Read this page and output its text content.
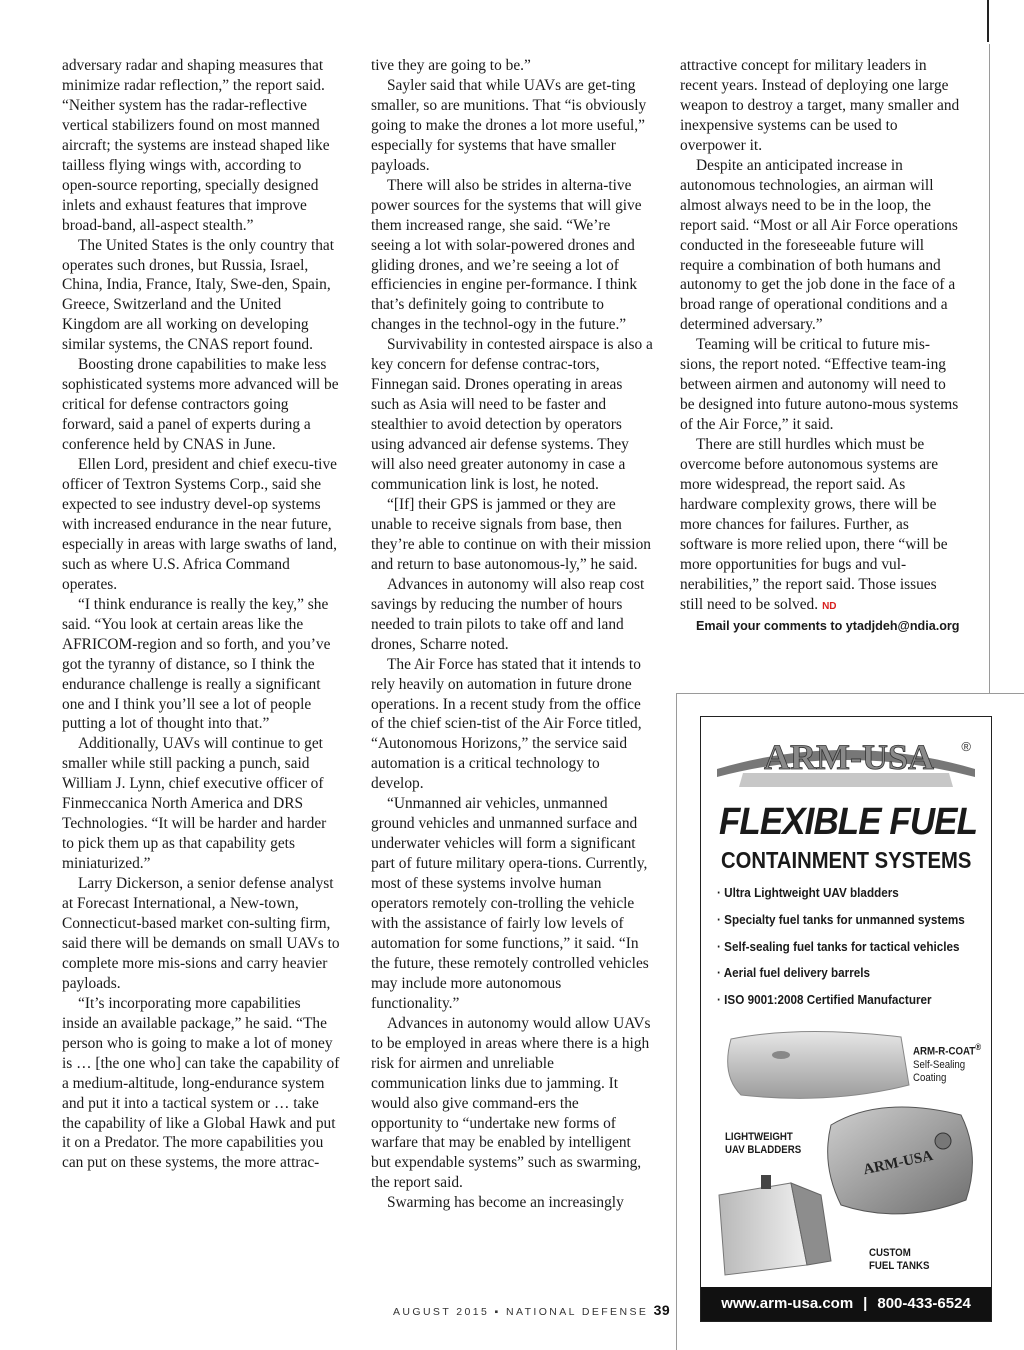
adversary radar and shaping measures that minimize radar reflection,” the report said. “Neither system has the radar-reflective vertical stabilizers found on most manned aircraft; the systems are instead shaped like tailless flying wings with, according to open-source reporting, specially designed inlets and exhaust features that improve broad-band, all-aspect stealth.”

The United States is the only country that operates such drones, but Russia, Israel, China, India, France, Italy, Swe-den, Spain, Greece, Switzerland and the United Kingdom are all working on developing similar systems, the CNAS report found.

Boosting drone capabilities to make less sophisticated systems more advanced will be critical for defense contractors going forward, said a panel of experts during a conference held by CNAS in June.

Ellen Lord, president and chief execu-tive officer of Textron Systems Corp., said she expected to see industry devel-op systems with increased endurance in the near future, especially in areas with large swaths of land, such as where U.S. Africa Command operates.

“I think endurance is really the key,” she said. “You look at certain areas like the AFRICOM-region and so forth, and you’ve got the tyranny of distance, so I think the endurance challenge is really a significant one and I think you’ll see a lot of people putting a lot of thought into that.”

Additionally, UAVs will continue to get smaller while still packing a punch, said William J. Lynn, chief executive officer of Finmeccanica North America and DRS Technologies. “It will be harder and harder to pick them up as that capability gets miniaturized.”

Larry Dickerson, a senior defense analyst at Forecast International, a New-town, Connecticut-based market con-sulting firm, said there will be demands on small UAVs to complete more mis-sions and carry heavier payloads.

“It’s incorporating more capabilities inside an available package,” he said. “The person who is going to make a lot of money is … [the one who] can take the capability of a medium-altitude, long-endurance system and put it into a tactical system or … take the capability of like a Global Hawk and put it on a Predator. The more capabilities you can put on these systems, the more attrac-

tive they are going to be.”

Sayler said that while UAVs are get-ting smaller, so are munitions. That “is obviously going to make the drones a lot more useful,” especially for systems that have smaller payloads.

There will also be strides in alterna-tive power sources for the systems that will give them increased range, she said. “We’re seeing a lot with solar-powered drones and gliding drones, and we’re seeing a lot of efficiencies in engine per-formance. I think that’s definitely going to contribute to changes in the technol-ogy in the future.”

Survivability in contested airspace is also a key concern for defense contrac-tors, Finnegan said. Drones operating in areas such as Asia will need to be faster and stealthier to avoid detection by operators using advanced air defense systems. They will also need greater autonomy in case a communication link is lost, he noted.

“[If] their GPS is jammed or they are unable to receive signals from base, then they’re able to continue on with their mission and return to base autonomous-ly,” he said.

Advances in autonomy will also reap cost savings by reducing the number of hours needed to train pilots to take off and land drones, Scharre noted.

The Air Force has stated that it intends to rely heavily on automation in future drone operations. In a recent study from the office of the chief scien-tist of the Air Force titled, “Autonomous Horizons,” the service said automation is a critical technology to develop.

“Unmanned air vehicles, unmanned ground vehicles and unmanned surface and underwater vehicles will form a significant part of future military opera-tions. Currently, most of these systems involve human operators remotely con-trolling the vehicle with the assistance of fairly low levels of automation for some functions,” it said. “In the future, these remotely controlled vehicles may include more autonomous functionality.”

Advances in autonomy would allow UAVs to be employed in areas where there is a high risk for airmen and unreliable communication links due to jamming. It would also give command-ers the opportunity to “undertake new forms of warfare that may be enabled by intelligent but expendable systems” such as swarming, the report said.

Swarming has become an increasingly

attractive concept for military leaders in recent years. Instead of deploying one large weapon to destroy a target, many smaller and inexpensive systems can be used to overpower it.

Despite an anticipated increase in autonomous technologies, an airman will almost always need to be in the loop, the report said. “Most or all Air Force operations conducted in the foreseeable future will require a combination of both humans and autonomy to get the job done in the face of a broad range of operational conditions and a determined adversary.”

Teaming will be critical to future mis-sions, the report noted. “Effective team-ing between airmen and autonomy will need to be designed into future autono-mous systems of the Air Force,” it said.

There are still hurdles which must be overcome before autonomous systems are more widespread, the report said. As hardware complexity grows, there will be more chances for failures. Further, as software is more relied upon, there “will be more opportunities for bugs and vul-nerabilities,” the report said. Those issues still need to be solved. ND

Email your comments to ytadjdeh@ndia.org

AUGUST 2015 ▪ NATIONAL DEFENSE 39
ARM-USA ®
FLEXIBLE FUEL
CONTAINMENT SYSTEMS
· Ultra Lightweight UAV bladders
· Specialty fuel tanks for unmanned systems
· Self-sealing fuel tanks for tactical vehicles
· Aerial fuel delivery barrels
· ISO 9001:2008 Certified Manufacturer
ARM-USA
ARM-R-COAT®
Self-Sealing
Coating
LIGHTWEIGHT
UAV BLADDERS
CUSTOM
FUEL TANKS
www.arm-usa.com | 800-433-6524
